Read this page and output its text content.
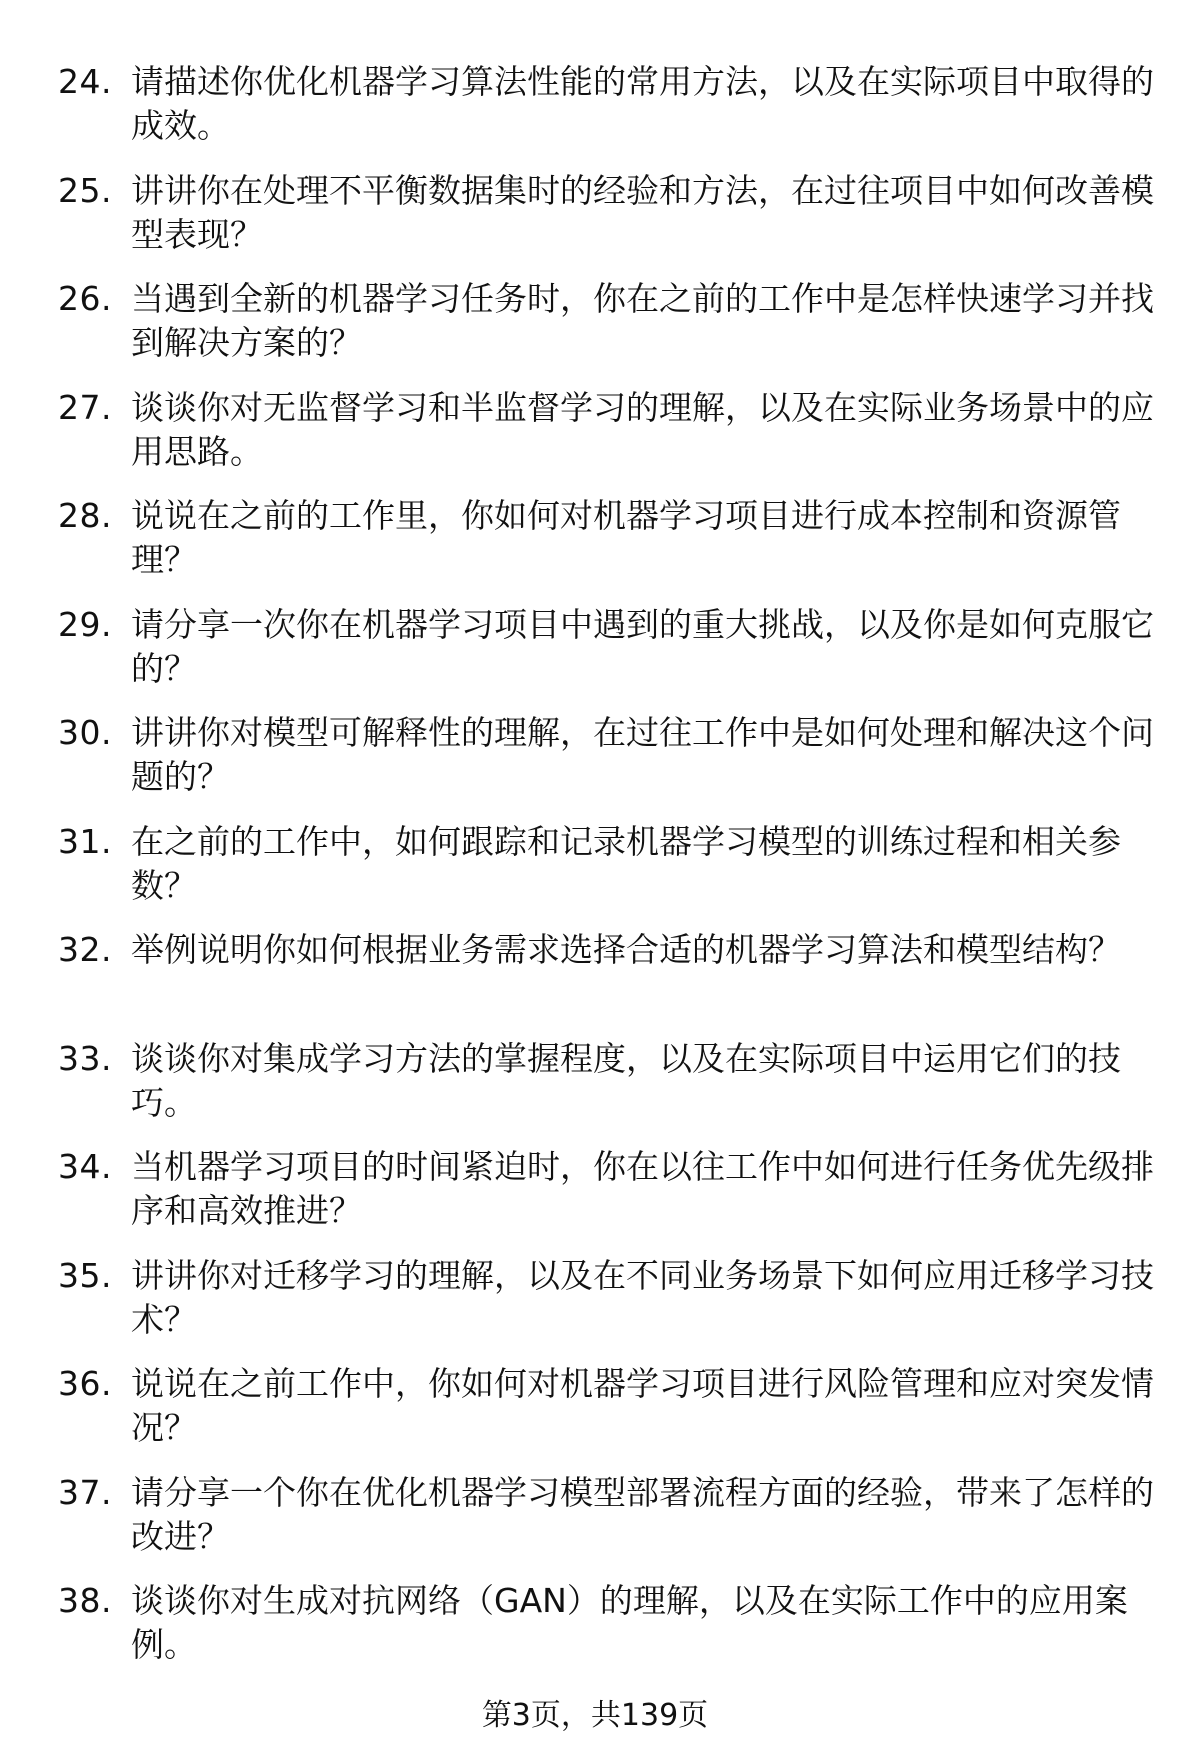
24. 请描述你优化机器学习算法性能的常用方法，以及在实际项目中取得的成效。
25. 讲讲你在处理不平衡数据集时的经验和方法，在过往项目中如何改善模型表现？
26. 当遇到全新的机器学习任务时，你在之前的工作中是怎样快速学习并找到解决方案的？
27. 谈谈你对无监督学习和半监督学习的理解，以及在实际业务场景中的应用思路。
28. 说说在之前的工作里，你如何对机器学习项目进行成本控制和资源管理？
29. 请分享一次你在机器学习项目中遇到的重大挑战，以及你是如何克服它的？
30. 讲讲你对模型可解释性的理解，在过往工作中是如何处理和解决这个问题的？
31. 在之前的工作中，如何跟踪和记录机器学习模型的训练过程和相关参数？
32. 举例说明你如何根据业务需求选择合适的机器学习算法和模型结构？
33. 谈谈你对集成学习方法的掌握程度，以及在实际项目中运用它们的技巧。
34. 当机器学习项目的时间紧迫时，你在以往工作中如何进行任务优先级排序和高效推进？
35. 讲讲你对迁移学习的理解，以及在不同业务场景下如何应用迁移学习技术？
36. 说说在之前工作中，你如何对机器学习项目进行风险管理和应对突发情况？
37. 请分享一个你在优化机器学习模型部署流程方面的经验，带来了怎样的改进？
38. 谈谈你对生成对抗网络（GAN）的理解，以及在实际工作中的应用案例。
第3页，共139页
